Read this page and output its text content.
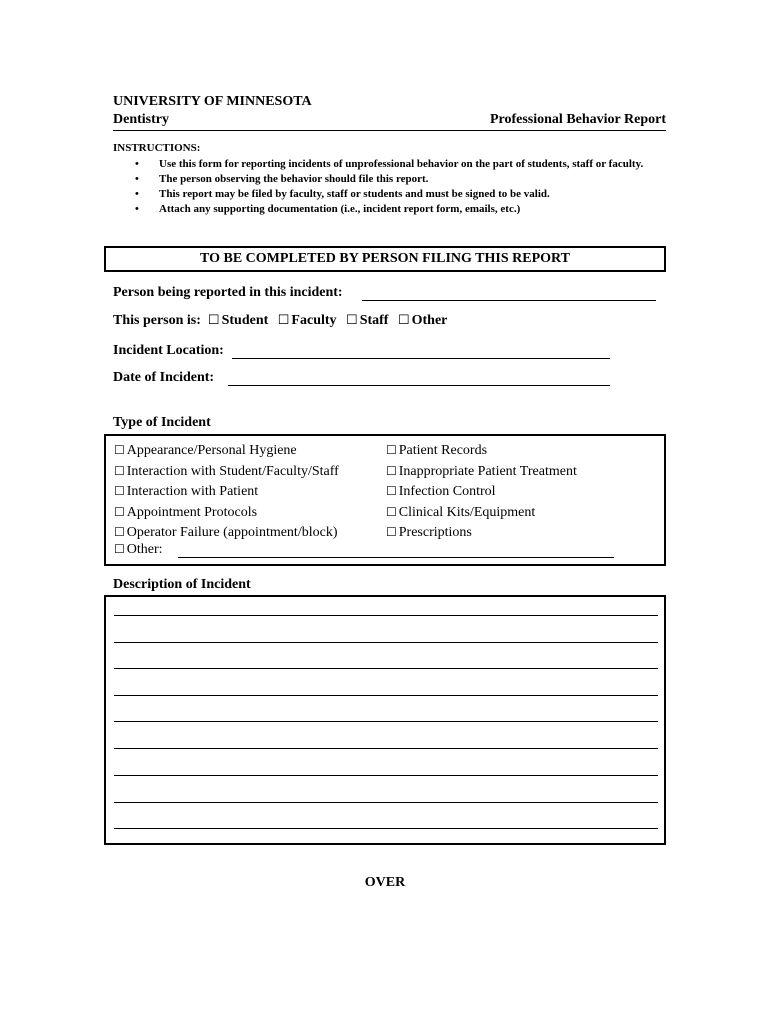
UNIVERSITY OF MINNESOTA
Dentistry	Professional Behavior Report
INSTRUCTIONS:
• Use this form for reporting incidents of unprofessional behavior on the part of students, staff or faculty.
• The person observing the behavior should file this report.
• This report may be filed by faculty, staff or students and must be signed to be valid.
• Attach any supporting documentation (i.e., incident report form, emails, etc.)
TO BE COMPLETED BY PERSON FILING THIS REPORT
Person being reported in this incident:
This person is: ☐ Student ☐ Faculty ☐ Staff ☐ Other
Incident Location:
Date of Incident:
Type of Incident
☐ Appearance/Personal Hygiene
☐ Interaction with Student/Faculty/Staff
☐ Interaction with Patient
☐ Appointment Protocols
☐ Operator Failure (appointment/block)
☐ Patient Records
☐ Inappropriate Patient Treatment
☐ Infection Control
☐ Clinical Kits/Equipment
☐ Prescriptions
☐ Other:
Description of Incident
OVER
